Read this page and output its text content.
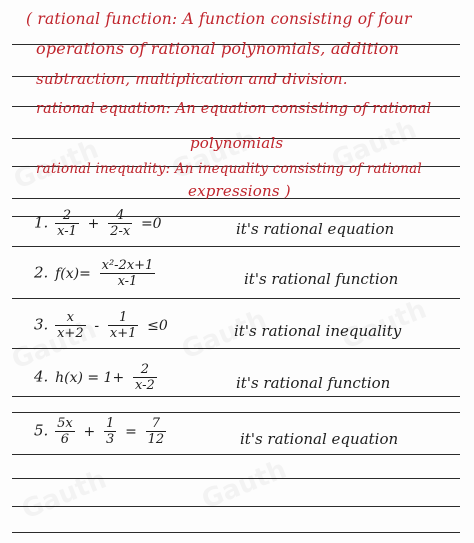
( rational function: A function consisting of four
operations of rational polynomials, addition
subtraction, multiplication and division.
rational equation: An equation consisting of rational
polynomials
rational inequality: An inequality consisting of rational
expressions )
1. $\frac{2}{x-1} + \frac{4}{2-x} =0$	it's rational equation
2. $f(x)= \frac{\text{x²-2x+1}}{x-1}$	it's rational function
3. $\frac{x}{x+2} - \frac{1}{x+1} \le 0$	it's rational inequality
4. $h(x) = 1+ \frac{2}{x-2}$	it's rational function
5. $\frac{5x}{6} + \frac{1}{3} = \frac{7}{12}$	it's rational equation
